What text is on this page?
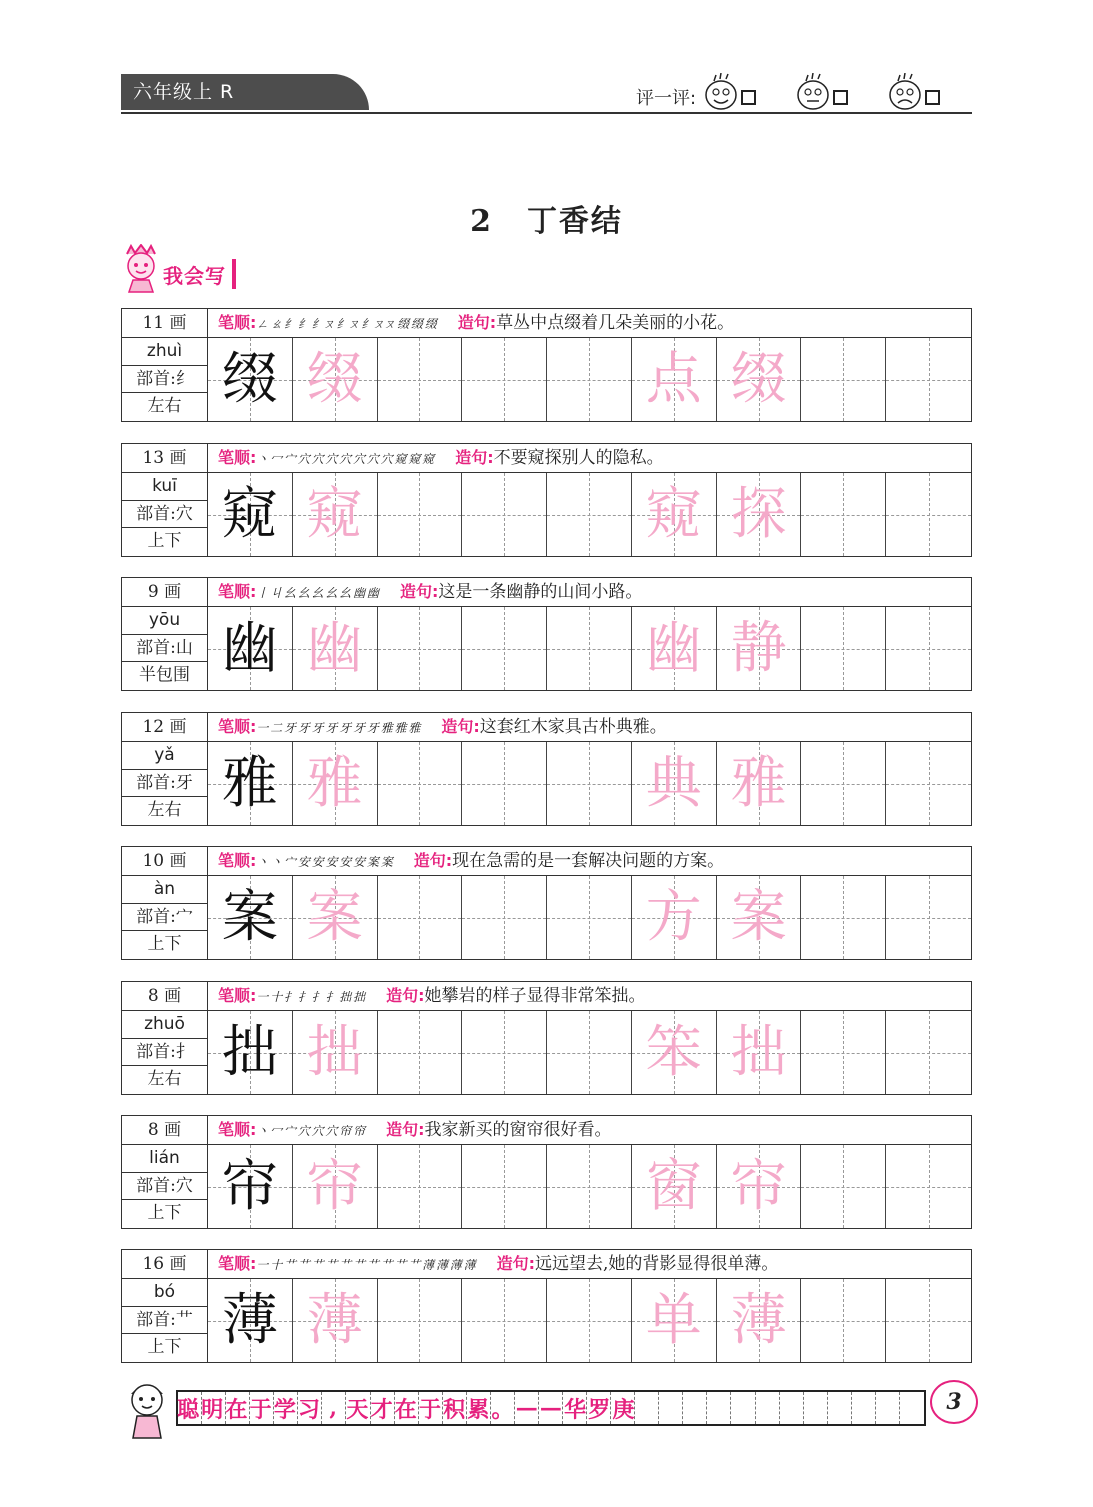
六年级上 R	评一评:
2 丁香结
我会写
11 画	笔顺: ㄥ ㄠ 纟 纟 纟ㄡ 纟ㄡ 纟ㄡㄡ 缀 缀 缀 造句: 草丛中点缀着几朵美丽的小花。
zhuì
部首:纟
左右 缀 缀	点 缀
13 画	笔顺: 丶 冖 宀 穴 穴 穴 穴 穴 穴 穴 窥 窥 窥 造句: 不要窥探别人的隐私。
kuī
部首:穴
上下 窥 窥	窥 探
9 画	笔顺: 丨 丩 幺 幺 幺 幺 幺 幽 幽 造句: 这是一条幽静的山间小路。
yōu
部首:山
半包围 幽 幽	幽 静
12 画	笔顺: 一 二 牙 牙 牙 牙 牙 牙 牙 雅 雅 雅 造句: 这套红木家具古朴典雅。
yǎ
部首:牙
左右 雅 雅	典 雅
10 画	笔顺: 丶 丶 宀 安 安 安 安 安 案 案 造句: 现在急需的是一套解决问题的方案。
àn
部首:宀
上下 案 案	方 案
8 画	笔顺: 一 十 扌 扌 扌 扌 拙 拙 造句: 她攀岩的样子显得非常笨拙。
zhuō
部首:扌
左右 拙 拙	笨 拙
8 画	笔顺: 丶 冖 宀 穴 穴 穴 帘 帘 造句: 我家新买的窗帘很好看。
lián
部首:穴
上下 帘 帘	窗 帘
16 画	笔顺: 一 十 艹 艹 艹 艹 艹 艹 艹 艹 艹 艹 薄 薄 薄 薄 造句: 远远望去,她的背影显得很单薄。
bó
部首:艹
上下 薄 薄	单 薄
聪 明 在 于 学 习 , 天 才 在 于 积 累 。 — — 华 罗 庚	3
